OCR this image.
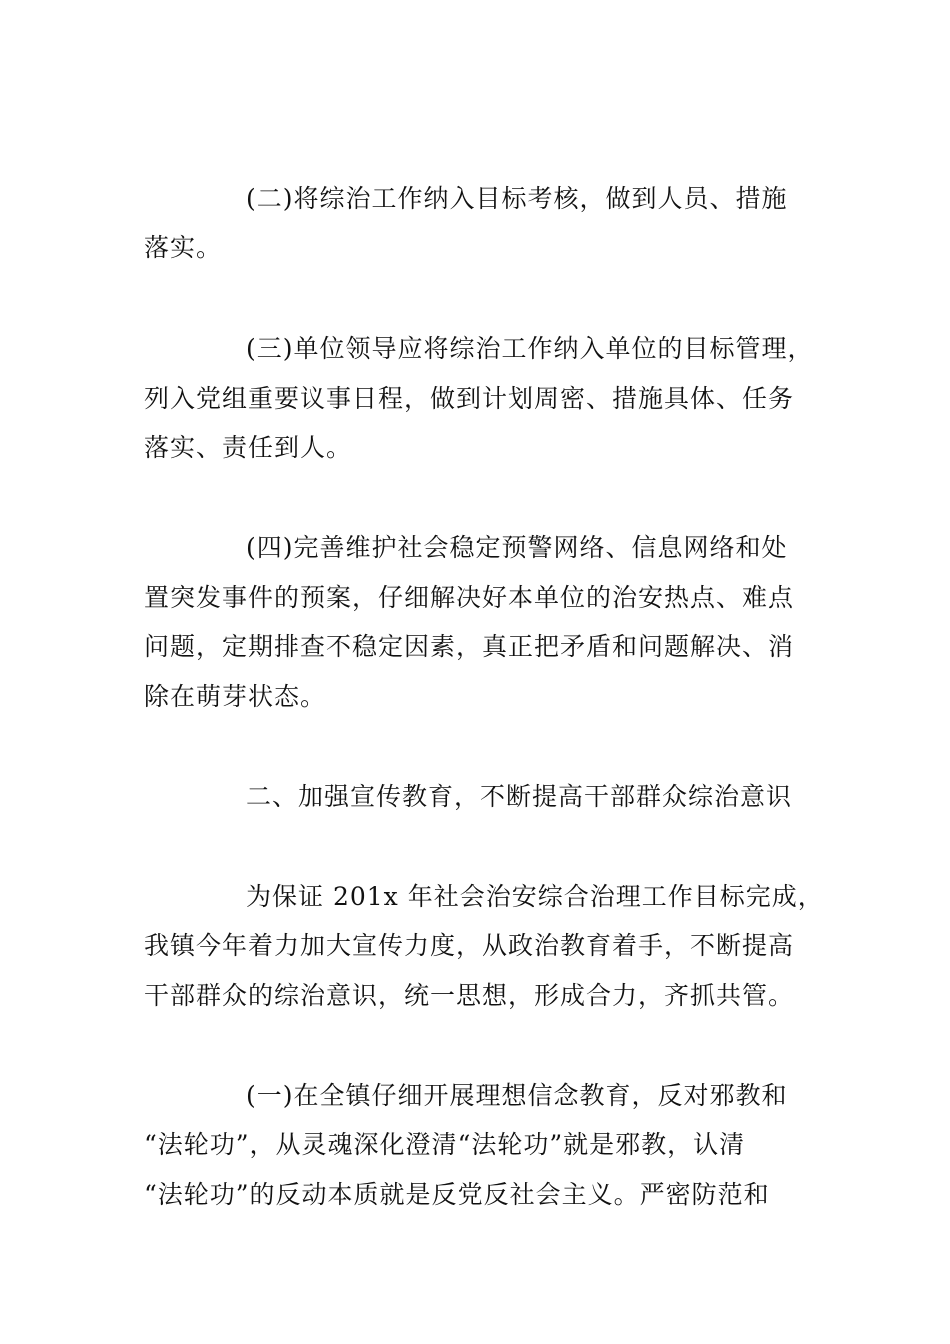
(二)将综治工作纳入目标考核，做到人员、措施
落实。
(三)单位领导应将综治工作纳入单位的目标管理，
列入党组重要议事日程，做到计划周密、措施具体、任务
落实、责任到人。
(四)完善维护社会稳定预警网络、信息网络和处
置突发事件的预案，仔细解决好本单位的治安热点、难点
问题，定期排查不稳定因素，真正把矛盾和问题解决、消
除在萌芽状态。
二、加强宣传教育，不断提高干部群众综治意识
为保证 201x 年社会治安综合治理工作目标完成，
我镇今年着力加大宣传力度，从政治教育着手，不断提高
干部群众的综治意识，统一思想，形成合力，齐抓共管。
(一)在全镇仔细开展理想信念教育，反对邪教和
“法轮功”，从灵魂深化澄清“法轮功”就是邪教，认清
“法轮功”的反动本质就是反党反社会主义。严密防范和
